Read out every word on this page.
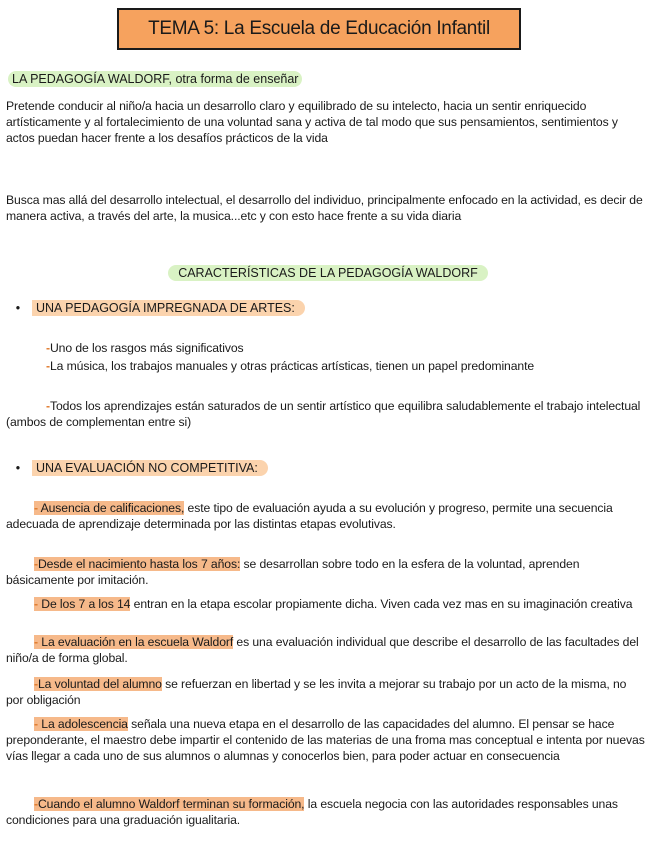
TEMA 5: La Escuela de Educación Infantil
LA PEDAGOGÍA WALDORF, otra forma de enseñar

Pretende conducir al niño/a hacia un desarrollo claro y equilibrado de su intelecto, hacia un sentir enriquecido artísticamente y al fortalecimiento de una voluntad sana y activa de tal modo que sus pensamientos, sentimientos y actos puedan hacer frente a los desafíos prácticos de la vida

Busca mas allá del desarrollo intelectual, el desarrollo del individuo, principalmente enfocado en la actividad, es decir de manera activa, a través del arte, la musica...etc y con esto hace frente a su vida diaria

CARACTERÍSTICAS DE LA PEDAGOGÍA WALDORF
•	UNA PEDAGOGÍA IMPREGNADA DE ARTES:

-Uno de los rasgos más significativos

-La música, los trabajos manuales y otras prácticas artísticas, tienen un papel predominante

-Todos los aprendizajes están saturados de un sentir artístico que equilibra saludablemente el trabajo intelectual (ambos de complementan entre si)

•	UNA EVALUACIÓN NO COMPETITIVA:

- Ausencia de calificaciones, este tipo de evaluación ayuda a su evolución y progreso, permite una secuencia adecuada de aprendizaje determinada por las distintas etapas evolutivas.

-Desde el nacimiento hasta los 7 años: se desarrollan sobre todo en la esfera de la voluntad, aprenden básicamente por imitación.

- De los 7 a los 14 entran en la etapa escolar propiamente dicha. Viven cada vez mas en su imaginación creativa

- La evaluación en la escuela Waldorf es una evaluación individual que describe el desarrollo de las facultades del niño/a de forma global.

-La voluntad del alumno se refuerzan en libertad y se les invita a mejorar su trabajo por un acto de la misma, no por obligación

- La adolescencia señala una nueva etapa en el desarrollo de las capacidades del alumno. El pensar se hace preponderante, el maestro debe impartir el contenido de las materias de una froma mas conceptual e intenta por nuevas vías llegar a cada uno de sus alumnos o alumnas y conocerlos bien, para poder actuar en consecuencia

-Cuando el alumno Waldorf terminan su formación, la escuela negocia con las autoridades responsables unas condiciones para una graduación igualitaria.
